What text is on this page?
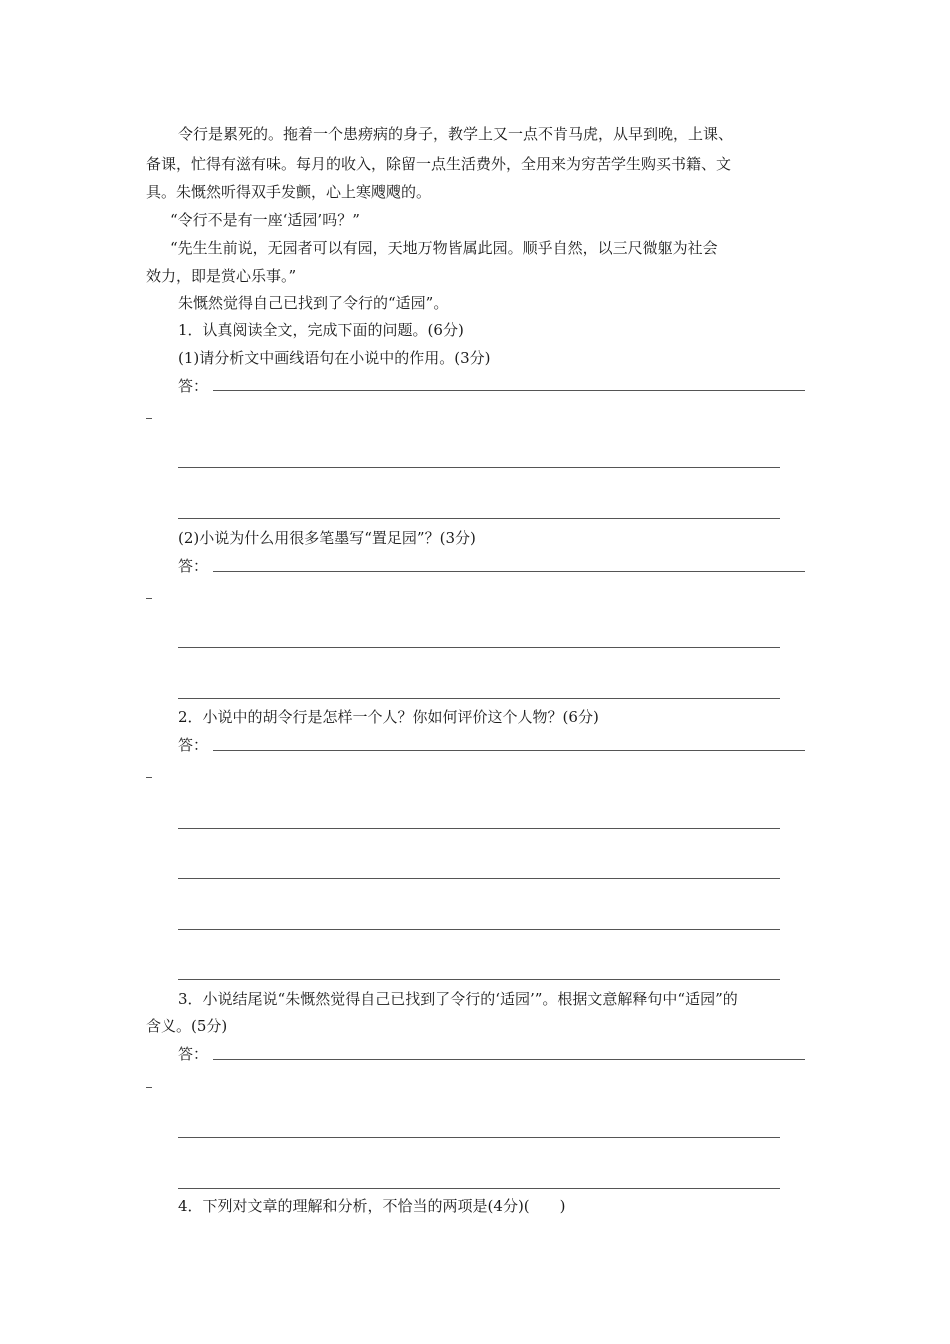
令行是累死的。拖着一个患痨病的身子，教学上又一点不肯马虎，从早到晚，上课、
备课，忙得有滋有味。每月的收入，除留一点生活费外，全用来为穷苦学生购买书籍、文
具。朱慨然听得双手发颤，心上寒飕飕的。
“令行不是有一座‘适园’吗？”
“先生生前说，无园者可以有园，天地万物皆属此园。顺乎自然，以三尺微躯为社会
效力，即是赏心乐事。”
朱慨然觉得自己已找到了令行的“适园”。
1．认真阅读全文，完成下面的问题。(6分)
(1)请分析文中画线语句在小说中的作用。(3分)
答：
(2)小说为什么用很多笔墨写“置足园”？(3分)
答：
2．小说中的胡令行是怎样一个人？你如何评价这个人物？(6分)
答：
3．小说结尾说“朱慨然觉得自己已找到了令行的‘适园’”。根据文意解释句中“适园”的
含义。(5分)
答：
4．下列对文章的理解和分析，不恰当的两项是(4分)(　　)
